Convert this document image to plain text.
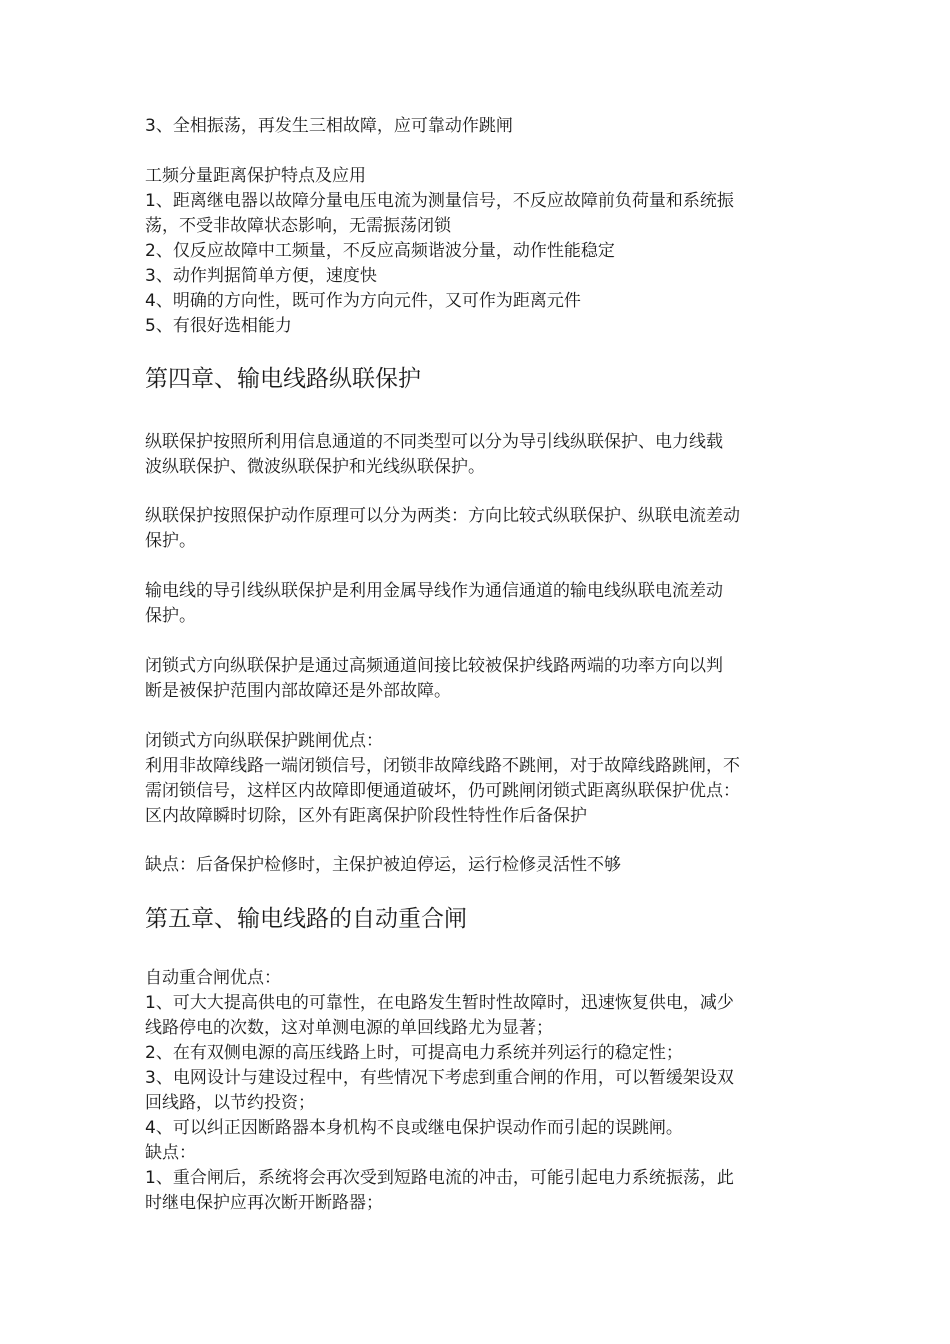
3、全相振荡，再发生三相故障，应可靠动作跳闸
工频分量距离保护特点及应用
1、距离继电器以故障分量电压电流为测量信号，不反应故障前负荷量和系统振
荡，不受非故障状态影响，无需振荡闭锁
2、仅反应故障中工频量，不反应高频谐波分量，动作性能稳定
3、动作判据简单方便，速度快
4、明确的方向性，既可作为方向元件，又可作为距离元件
5、有很好选相能力
第四章、输电线路纵联保护
纵联保护按照所利用信息通道的不同类型可以分为导引线纵联保护、电力线载
波纵联保护、微波纵联保护和光线纵联保护。
纵联保护按照保护动作原理可以分为两类：方向比较式纵联保护、纵联电流差动
保护。
输电线的导引线纵联保护是利用金属导线作为通信通道的输电线纵联电流差动
保护。
闭锁式方向纵联保护是通过高频通道间接比较被保护线路两端的功率方向以判
断是被保护范围内部故障还是外部故障。
闭锁式方向纵联保护跳闸优点：
利用非故障线路一端闭锁信号，闭锁非故障线路不跳闸，对于故障线路跳闸，不
需闭锁信号，这样区内故障即便通道破坏，仍可跳闸闭锁式距离纵联保护优点：
区内故障瞬时切除，区外有距离保护阶段性特性作后备保护
缺点：后备保护检修时，主保护被迫停运，运行检修灵活性不够
第五章、输电线路的自动重合闸
自动重合闸优点：
1、可大大提高供电的可靠性，在电路发生暂时性故障时，迅速恢复供电，减少
线路停电的次数，这对单测电源的单回线路尤为显著；
2、在有双侧电源的高压线路上时，可提高电力系统并列运行的稳定性；
3、电网设计与建设过程中，有些情况下考虑到重合闸的作用，可以暂缓架设双
回线路，以节约投资；
4、可以纠正因断路器本身机构不良或继电保护误动作而引起的误跳闸。
缺点：
1、重合闸后，系统将会再次受到短路电流的冲击，可能引起电力系统振荡，此
时继电保护应再次断开断路器；
